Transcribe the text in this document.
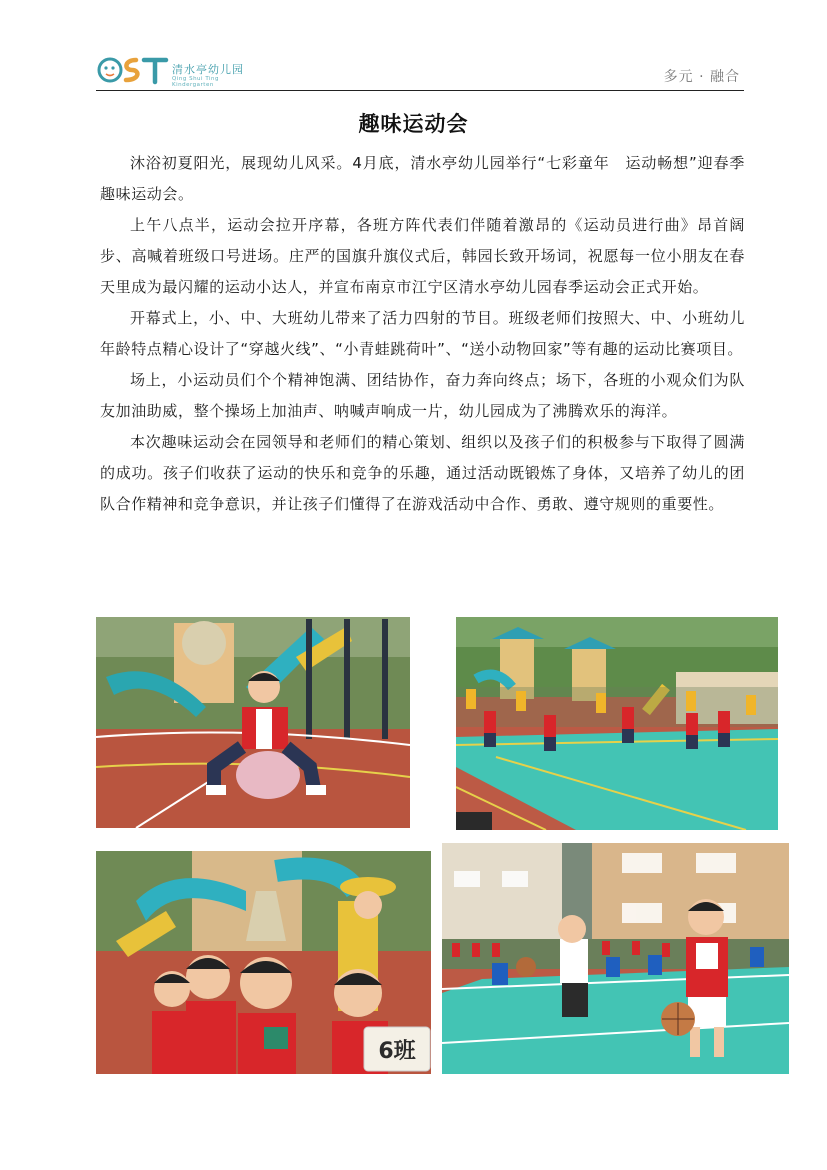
清水亭幼儿园
Qing Shui Ting Kindergarten	多元 · 融合
趣味运动会

沐浴初夏阳光，展现幼儿风采。4月底，清水亭幼儿园举行“七彩童年　运动畅想”迎春季趣味运动会。

上午八点半，运动会拉开序幕，各班方阵代表们伴随着激昂的《运动员进行曲》昂首阔步、高喊着班级口号进场。庄严的国旗升旗仪式后，韩园长致开场词，祝愿每一位小朋友在春天里成为最闪耀的运动小达人，并宣布南京市江宁区清水亭幼儿园春季运动会正式开始。

开幕式上，小、中、大班幼儿带来了活力四射的节目。班级老师们按照大、中、小班幼儿年龄特点精心设计了“穿越火线”、“小青蛙跳荷叶”、“送小动物回家”等有趣的运动比赛项目。

场上，小运动员们个个精神饱满、团结协作，奋力奔向终点；场下，各班的小观众们为队友加油助威，整个操场上加油声、呐喊声响成一片，幼儿园成为了沸腾欢乐的海洋。

本次趣味运动会在园领导和老师们的精心策划、组织以及孩子们的积极参与下取得了圆满的成功。孩子们收获了运动的快乐和竞争的乐趣，通过活动既锻炼了身体，又培养了幼儿的团队合作精神和竞争意识，并让孩子们懂得了在游戏活动中合作、勇敢、遵守规则的重要性。

6班
